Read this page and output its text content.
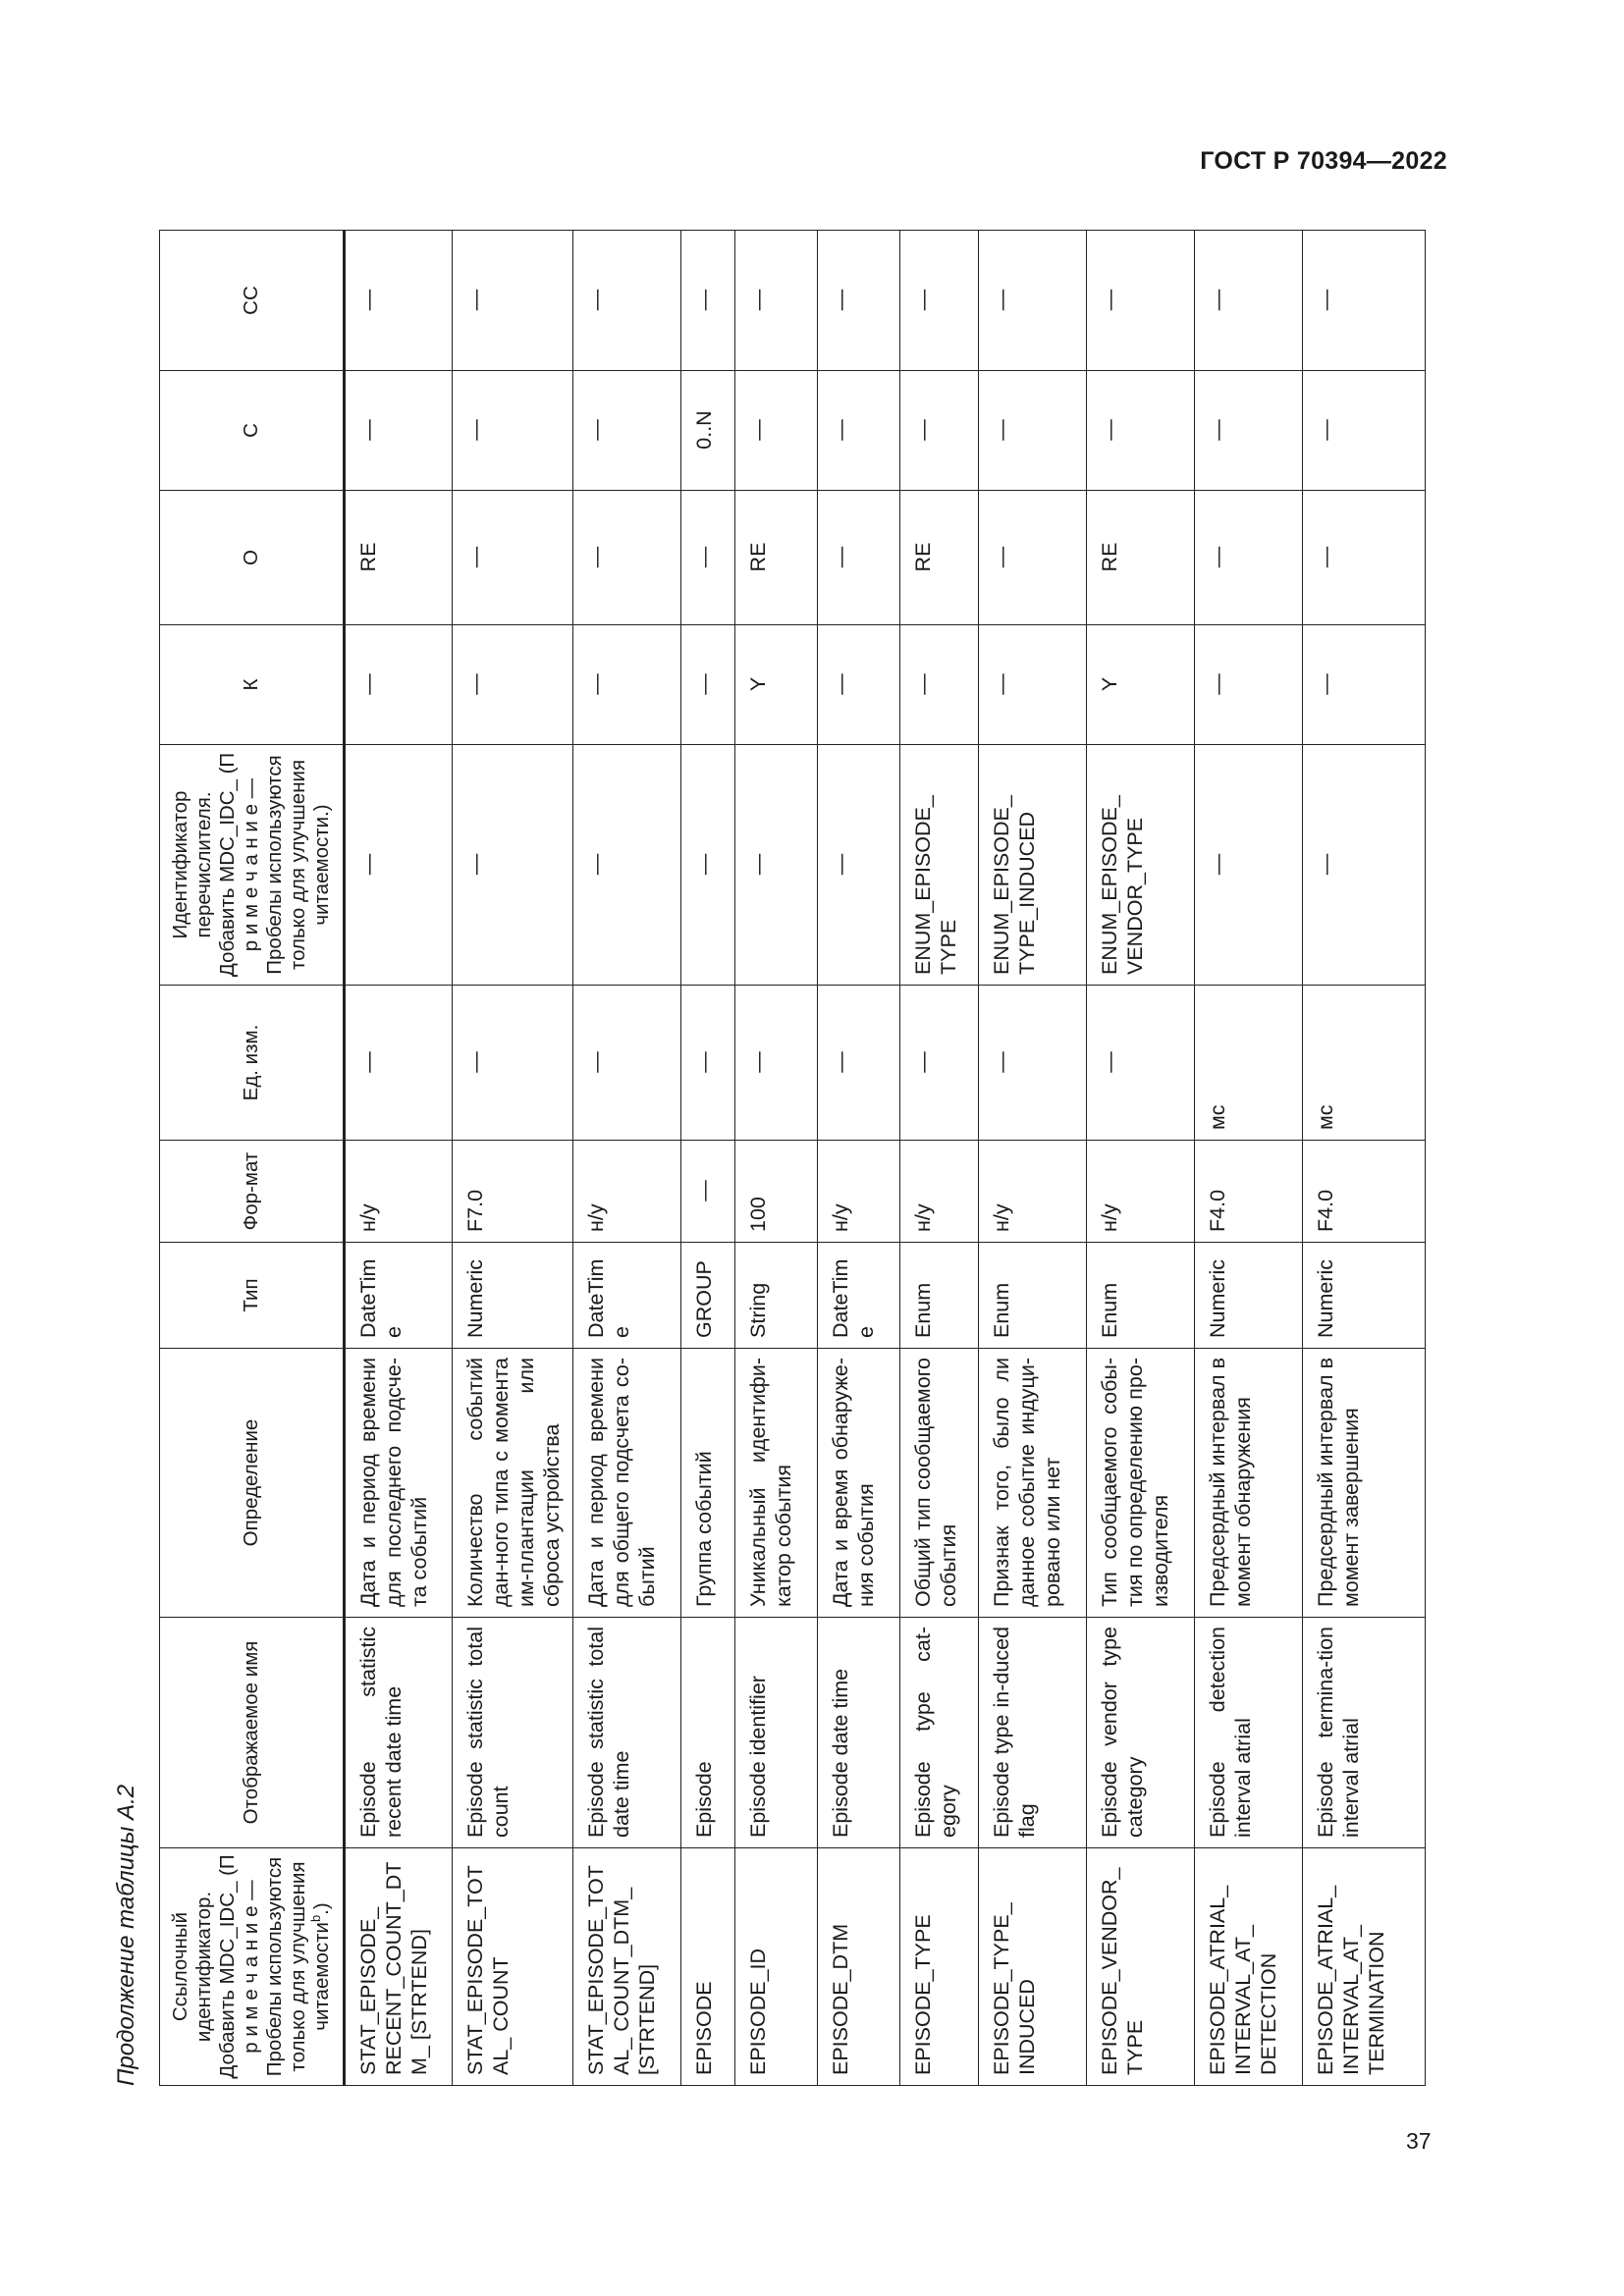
ГОСТ Р 70394—2022
Продолжение таблицы А.2	Ссылочный идентификатор. Добавить MDC_IDC_ (П р и м е ч а н и е — Пробелы используются только для улучшения читаемости$^b$.)	Отображаемое имя	Определение	Тип	Фор-мат	Ед. изм.	Идентификатор перечислителя. Добавить MDC_IDC_ (П р и м е ч а н и е — Пробелы используются только для улучшения читаемости.)	К	О	С	СС
STAT_EPISODE_ RECENT_COUNT_DTM_ [STRTEND]	Episode statistic recent date time	Дата и период времени для последнего подсче-та событий	DateTime	н/у	—	—	—	RE	—	—
STAT_EPISODE_TOTAL_ COUNT	Episode statistic total count	Количество событий дан-ного типа с момента им-плантации или сброса устройства	Numeric	F7.0	—	—	—	—	—	—
STAT_EPISODE_TOTAL_ COUNT_DTM_ [STRTEND]	Episode statistic total date time	Дата и период времени для общего подсчета со-бытий	DateTime	н/у	—	—	—	—	—	—
EPISODE	Episode	Группа событий	GROUP	—	—	—	—	—	0..N	—
EPISODE_ID	Episode identifier	Уникальный идентифи-катор события	String	100	—	—	Y	RE	—	—
EPISODE_DTM	Episode date time	Дата и время обнаруже-ния события	DateTime	н/у	—	—	—	—	—	—
EPISODE_TYPE	Episode type cat-egory	Общий тип сообщаемого события	Enum	н/у	—	ENUM_EPISODE_ TYPE	—	RE	—	—
EPISODE_TYPE_ INDUCED	Episode type in-duced flag	Признак того, было ли данное событие индуци-ровано или нет	Enum	н/у	—	ENUM_EPISODE_ TYPE_INDUCED	—	—	—	—
EPISODE_VENDOR_ TYPE	Episode vendor type category	Тип сообщаемого собы-тия по определению про-изводителя	Enum	н/у	—	ENUM_EPISODE_ VENDOR_TYPE	Y	RE	—	—
EPISODE_ATRIAL_ INTERVAL_AT_ DETECTION	Episode detection interval atrial	Предсердный интервал в момент обнаружения	Numeric	F4.0	мс	—	—	—	—	—
EPISODE_ATRIAL_ INTERVAL_AT_ TERMINATION	Episode termina-tion interval atrial	Предсердный интервал в момент завершения	Numeric	F4.0	мс	—	—	—	—	—
37
